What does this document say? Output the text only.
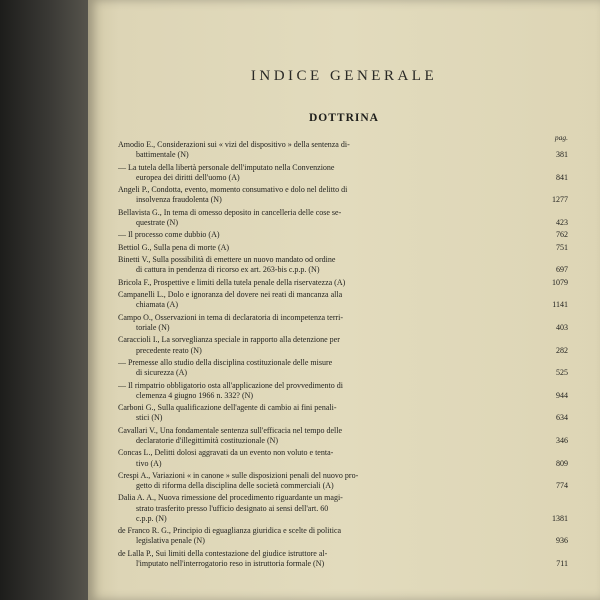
INDICE GENERALE
DOTTRINA
pag.
Amodio E., Considerazioni sui « vizi del dispositivo » della sentenza di-
battimentale (N)	381
— La tutela della libertà personale dell'imputato nella Convenzione
europea dei diritti dell'uomo (A)	841
Angeli P., Condotta, evento, momento consumativo e dolo nel delitto di
insolvenza fraudolenta (N)	1277
Bellavista G., In tema di omesso deposito in cancelleria delle cose se-
questrate (N)	423
— Il processo come dubbio (A)	762
Bettiol G., Sulla pena di morte (A)	751
Binetti V., Sulla possibilità di emettere un nuovo mandato od ordine
di cattura in pendenza di ricorso ex art. 263-bis c.p.p. (N)	697
Bricola F., Prospettive e limiti della tutela penale della riservatezza (A)	1079
Campanelli L., Dolo e ignoranza del dovere nei reati di mancanza alla
chiamata (A)	1141
Campo O., Osservazioni in tema di declaratoria di incompetenza terri-
toriale (N)	403
Caraccioli I., La sorveglianza speciale in rapporto alla detenzione per
precedente reato (N)	282
— Premesse allo studio della disciplina costituzionale delle misure
di sicurezza (A)	525
— Il rimpatrio obbligatorio osta all'applicazione del provvedimento di
clemenza 4 giugno 1966 n. 332? (N)	944
Carboni G., Sulla qualificazione dell'agente di cambio ai fini penali-
stici (N)	634
Cavallari V., Una fondamentale sentenza sull'efficacia nel tempo delle
declaratorie d'illegittimità costituzionale (N)	346
Concas L., Delitti dolosi aggravati da un evento non voluto e tenta-
tivo (A)	809
Crespi A., Variazioni « in canone » sulle disposizioni penali del nuovo pro-
getto di riforma della disciplina delle società commerciali (A)	774
Dalia A. A., Nuova rimessione del procedimento riguardante un magi-
strato trasferito presso l'ufficio designato ai sensi dell'art. 60
c.p.p. (N)	1381
de Franco R. G., Principio di eguaglianza giuridica e scelte di politica
legislativa penale (N)	936
de Lalla P., Sui limiti della contestazione del giudice istruttore al-
l'imputato nell'interrogatorio reso in istruttoria formale (N)	711
